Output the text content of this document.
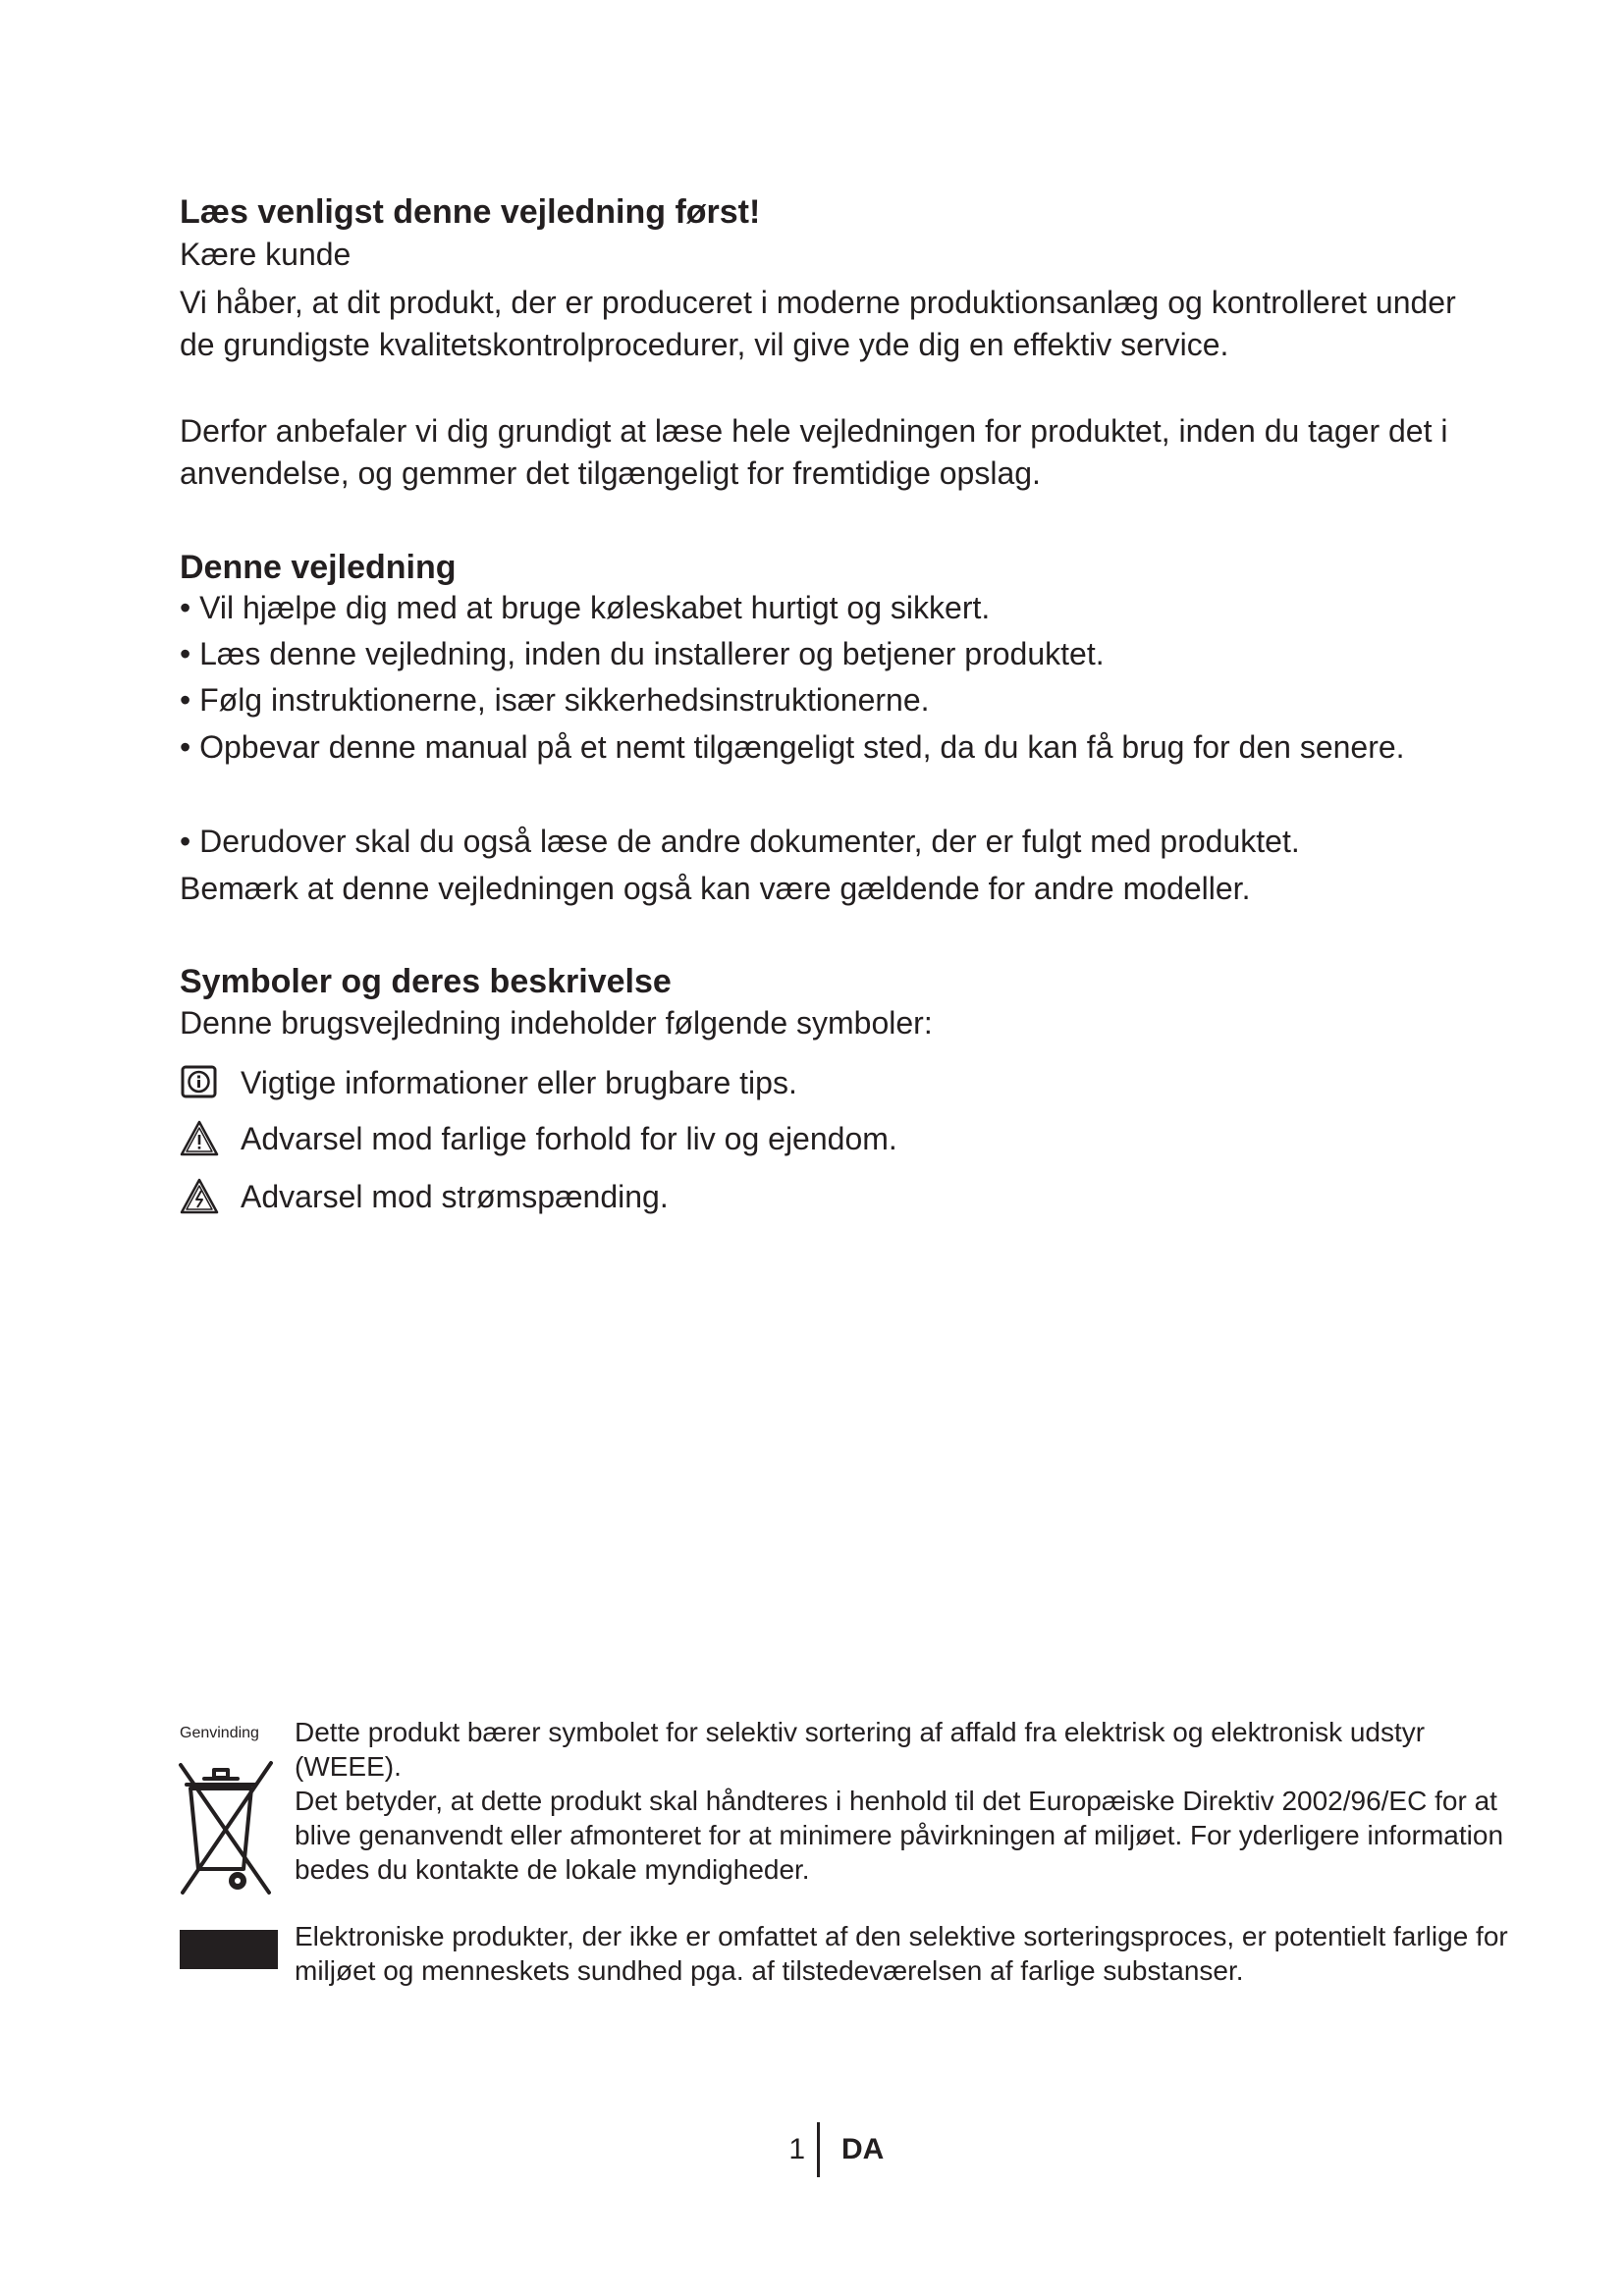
Læs venligst denne vejledning først!

Kære kunde

Vi håber, at dit produkt, der er produceret i moderne produktionsanlæg og kontrolleret under de grundigste kvalitetskontrolprocedurer, vil give yde dig en effektiv service.

Derfor anbefaler vi dig grundigt at læse hele vejledningen for produktet, inden du tager det i anvendelse, og gemmer det tilgængeligt for fremtidige opslag.

Denne vejledning

• Vil hjælpe dig med at bruge køleskabet hurtigt og sikkert.

• Læs denne vejledning, inden du installerer og betjener produktet.

• Følg instruktionerne, især sikkerhedsinstruktionerne.

• Opbevar denne manual på et nemt tilgængeligt sted, da du kan få brug for den senere.

• Derudover skal du også læse de andre dokumenter, der er fulgt med produktet.

Bemærk at denne vejledningen også kan være gældende for andre modeller.

Symboler og deres beskrivelse

Denne brugsvejledning indeholder følgende symboler:

Vigtige informationer eller brugbare tips.
Advarsel mod farlige forhold for liv og ejendom.
Advarsel mod strømspænding.
Genvinding Dette produkt bærer symbolet for selektiv sortering af affald fra elektrisk og elektronisk udstyr (WEEE).

Det betyder, at dette produkt skal håndteres i henhold til det Europæiske Direktiv 2002/96/EC for at blive genanvendt eller afmonteret for at minimere påvirkningen af miljøet. For yderligere information bedes du kontakte de lokale myndigheder.

Elektroniske produkter, der ikke er omfattet af den selektive sorteringsproces, er potentielt farlige for miljøet og menneskets sundhed pga. af tilstedeværelsen af farlige substanser.

1 DA
